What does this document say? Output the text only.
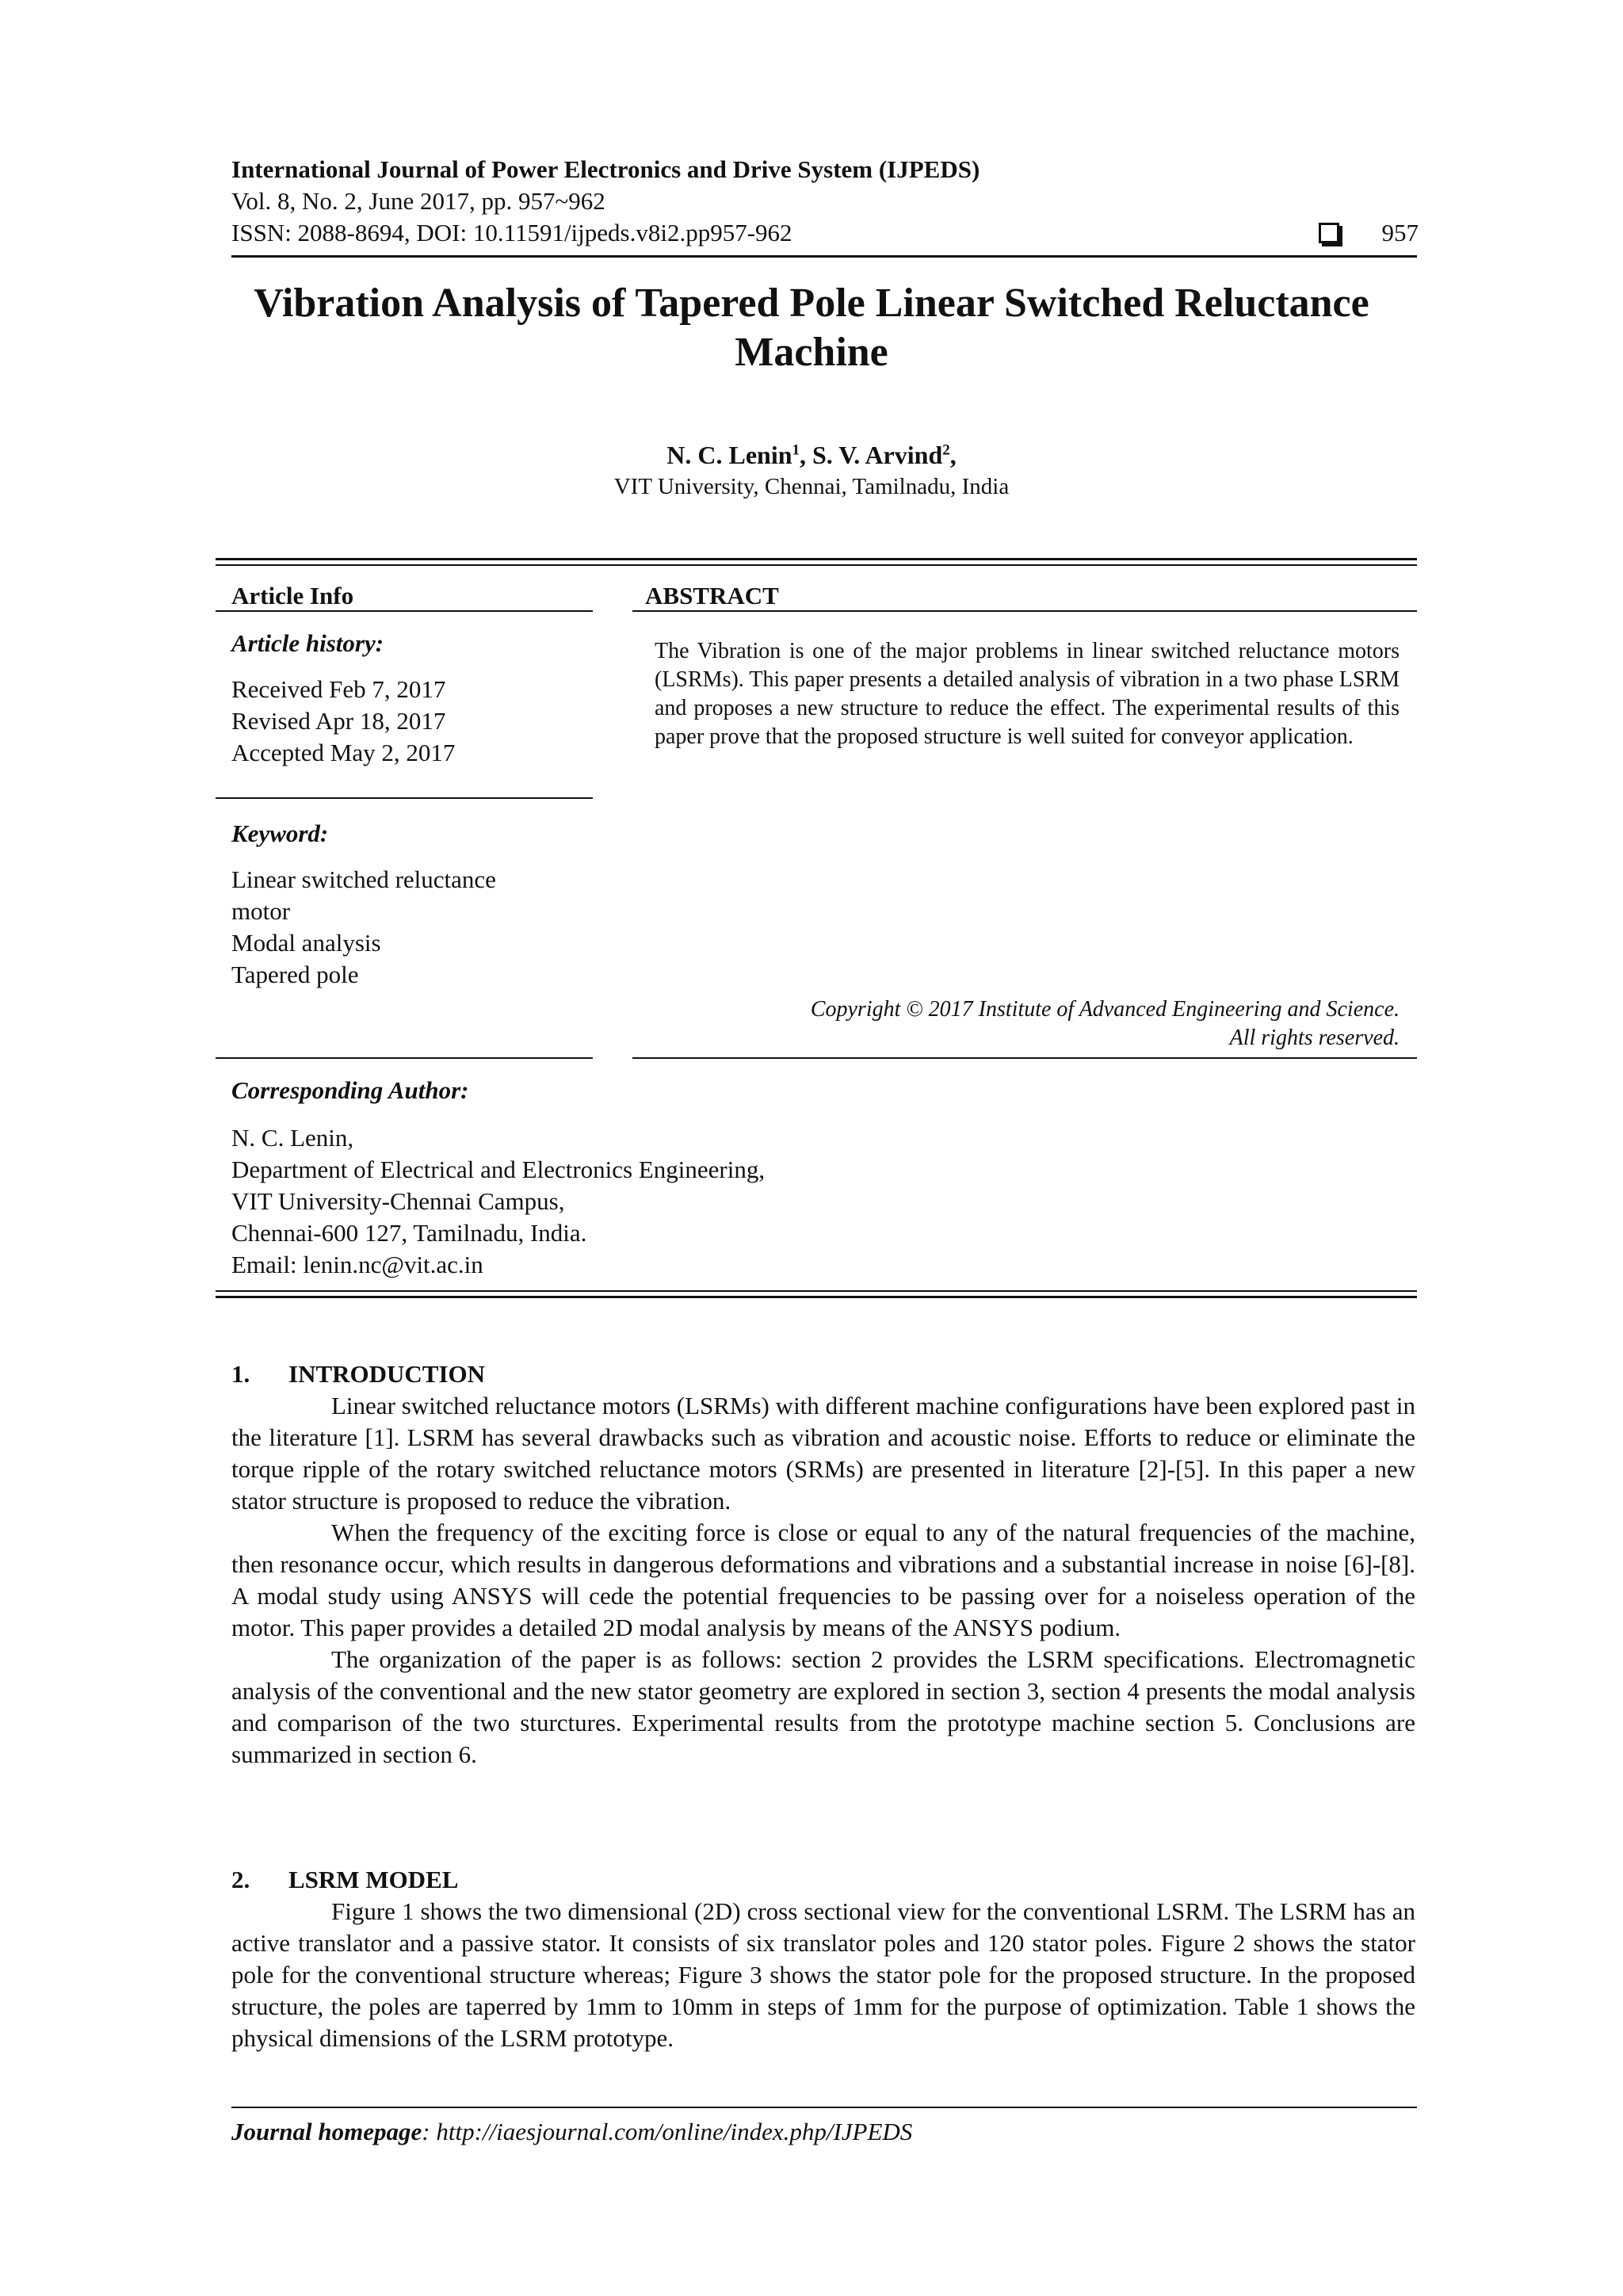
International Journal of Power Electronics and Drive System (IJPEDS)
Vol. 8, No. 2, June 2017, pp. 957~962
ISSN: 2088-8694, DOI: 10.11591/ijpeds.v8i2.pp957-962	957
Vibration Analysis of Tapered Pole Linear Switched Reluctance Machine
N. C. Lenin$^1$, S. V. Arvind$^2$,
VIT University, Chennai, Tamilnadu, India
Article Info
Article history:
Received Feb 7, 2017
Revised Apr 18, 2017
Accepted May 2, 2017
Keyword:
Linear switched reluctance
motor
Modal analysis
Tapered pole
ABSTRACT
The Vibration is one of the major problems in linear switched reluctance motors (LSRMs). This paper presents a detailed analysis of vibration in a two phase LSRM and proposes a new structure to reduce the effect. The experimental results of this paper prove that the proposed structure is well suited for conveyor application.
Copyright © 2017 Institute of Advanced Engineering and Science.
All rights reserved.
Corresponding Author:
N. C. Lenin,
Department of Electrical and Electronics Engineering,
VIT University-Chennai Campus,
Chennai-600 127, Tamilnadu, India.
Email: lenin.nc@vit.ac.in
1. INTRODUCTION

Linear switched reluctance motors (LSRMs) with different machine configurations have been explored past in the literature [1]. LSRM has several drawbacks such as vibration and acoustic noise. Efforts to reduce or eliminate the torque ripple of the rotary switched reluctance motors (SRMs) are presented in literature [2]-[5]. In this paper a new stator structure is proposed to reduce the vibration.

When the frequency of the exciting force is close or equal to any of the natural frequencies of the machine, then resonance occur, which results in dangerous deformations and vibrations and a substantial increase in noise [6]-[8]. A modal study using ANSYS will cede the potential frequencies to be passing over for a noiseless operation of the motor. This paper provides a detailed 2D modal analysis by means of the ANSYS podium.

The organization of the paper is as follows: section 2 provides the LSRM specifications. Electromagnetic analysis of the conventional and the new stator geometry are explored in section 3, section 4 presents the modal analysis and comparison of the two sturctures. Experimental results from the prototype machine section 5. Conclusions are summarized in section 6.

2. LSRM MODEL

Figure 1 shows the two dimensional (2D) cross sectional view for the conventional LSRM. The LSRM has an active translator and a passive stator. It consists of six translator poles and 120 stator poles. Figure 2 shows the stator pole for the conventional structure whereas; Figure 3 shows the stator pole for the proposed structure. In the proposed structure, the poles are taperred by 1mm to 10mm in steps of 1mm for the purpose of optimization. Table 1 shows the physical dimensions of the LSRM prototype.

Journal homepage: http://iaesjournal.com/online/index.php/IJPEDS
